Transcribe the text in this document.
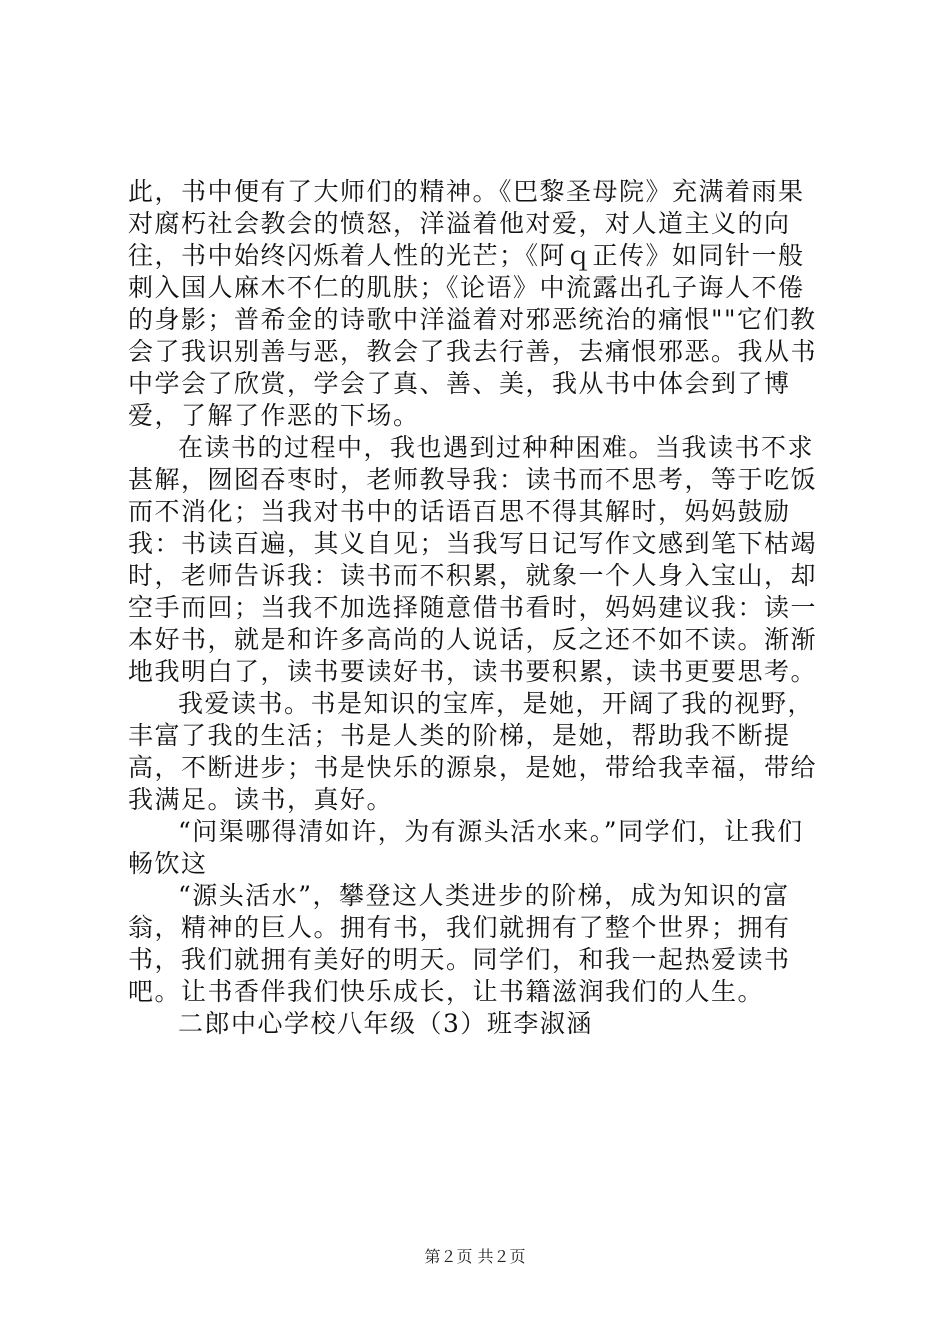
此，书中便有了大师们的精神。《巴黎圣母院》充满着雨果对腐朽社会教会的愤怒，洋溢着他对爱，对人道主义的向往，书中始终闪烁着人性的光芒；《阿ｑ正传》如同针一般刺入国人麻木不仁的肌肤；《论语》中流露出孔子诲人不倦的身影；普希金的诗歌中洋溢着对邪恶统治的痛恨""它们教会了我识别善与恶，教会了我去行善，去痛恨邪恶。我从书中学会了欣赏，学会了真、善、美，我从书中体会到了博爱，了解了作恶的下场。

在读书的过程中，我也遇到过种种困难。当我读书不求甚解，囫囵吞枣时，老师教导我：读书而不思考，等于吃饭而不消化；当我对书中的话语百思不得其解时，妈妈鼓励我：书读百遍，其义自见；当我写日记写作文感到笔下枯竭时，老师告诉我：读书而不积累，就象一个人身入宝山，却空手而回；当我不加选择随意借书看时，妈妈建议我：读一本好书，就是和许多高尚的人说话，反之还不如不读。渐渐地我明白了，读书要读好书，读书要积累，读书更要思考。

我爱读书。书是知识的宝库，是她，开阔了我的视野，丰富了我的生活；书是人类的阶梯，是她，帮助我不断提高，不断进步；书是快乐的源泉，是她，带给我幸福，带给我满足。读书，真好。

“问渠哪得清如许，为有源头活水来。”同学们，让我们畅饮这

“源头活水”，攀登这人类进步的阶梯，成为知识的富翁，精神的巨人。拥有书，我们就拥有了整个世界；拥有书，我们就拥有美好的明天。同学们，和我一起热爱读书吧。让书香伴我们快乐成长，让书籍滋润我们的人生。

二郎中心学校八年级（3）班李淑涵

第２页 共２页
